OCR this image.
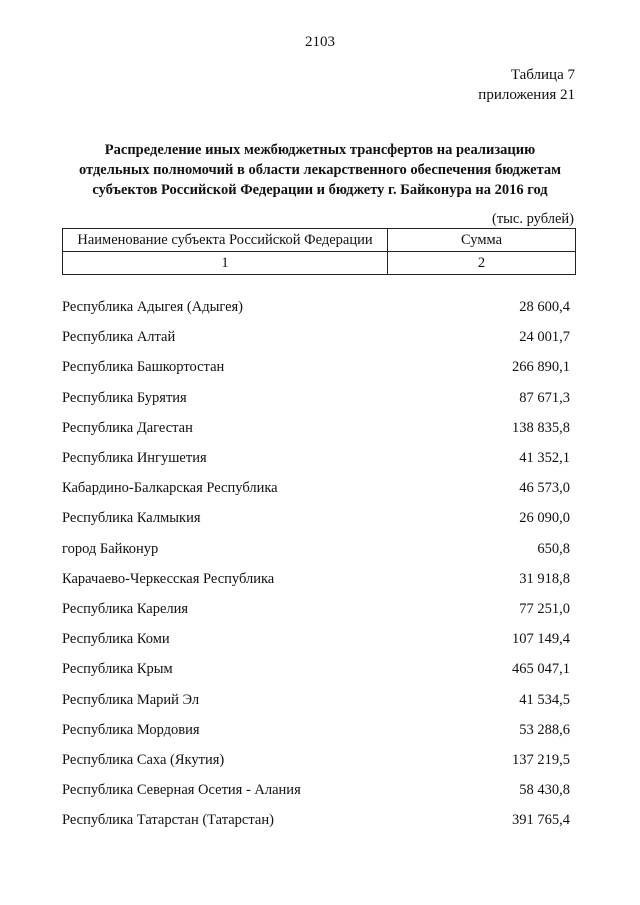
2103
Таблица 7
приложения 21
Распределение иных межбюджетных трансфертов на реализацию
отдельных полномочий в области лекарственного обеспечения бюджетам
субъектов Российской Федерации и бюджету г. Байконура на 2016 год
(тыс. рублей)
Наименование субъекта Российской Федерации	Сумма
1	2
Республика Адыгея (Адыгея)	28 600,4
Республика Алтай	24 001,7
Республика Башкортостан	266 890,1
Республика Бурятия	87 671,3
Республика Дагестан	138 835,8
Республика Ингушетия	41 352,1
Кабардино-Балкарская Республика	46 573,0
Республика Калмыкия	26 090,0
город Байконур	650,8
Карачаево-Черкесская Республика	31 918,8
Республика Карелия	77 251,0
Республика Коми	107 149,4
Республика Крым	465 047,1
Республика Марий Эл	41 534,5
Республика Мордовия	53 288,6
Республика Саха (Якутия)	137 219,5
Республика Северная Осетия - Алания	58 430,8
Республика Татарстан (Татарстан)	391 765,4
